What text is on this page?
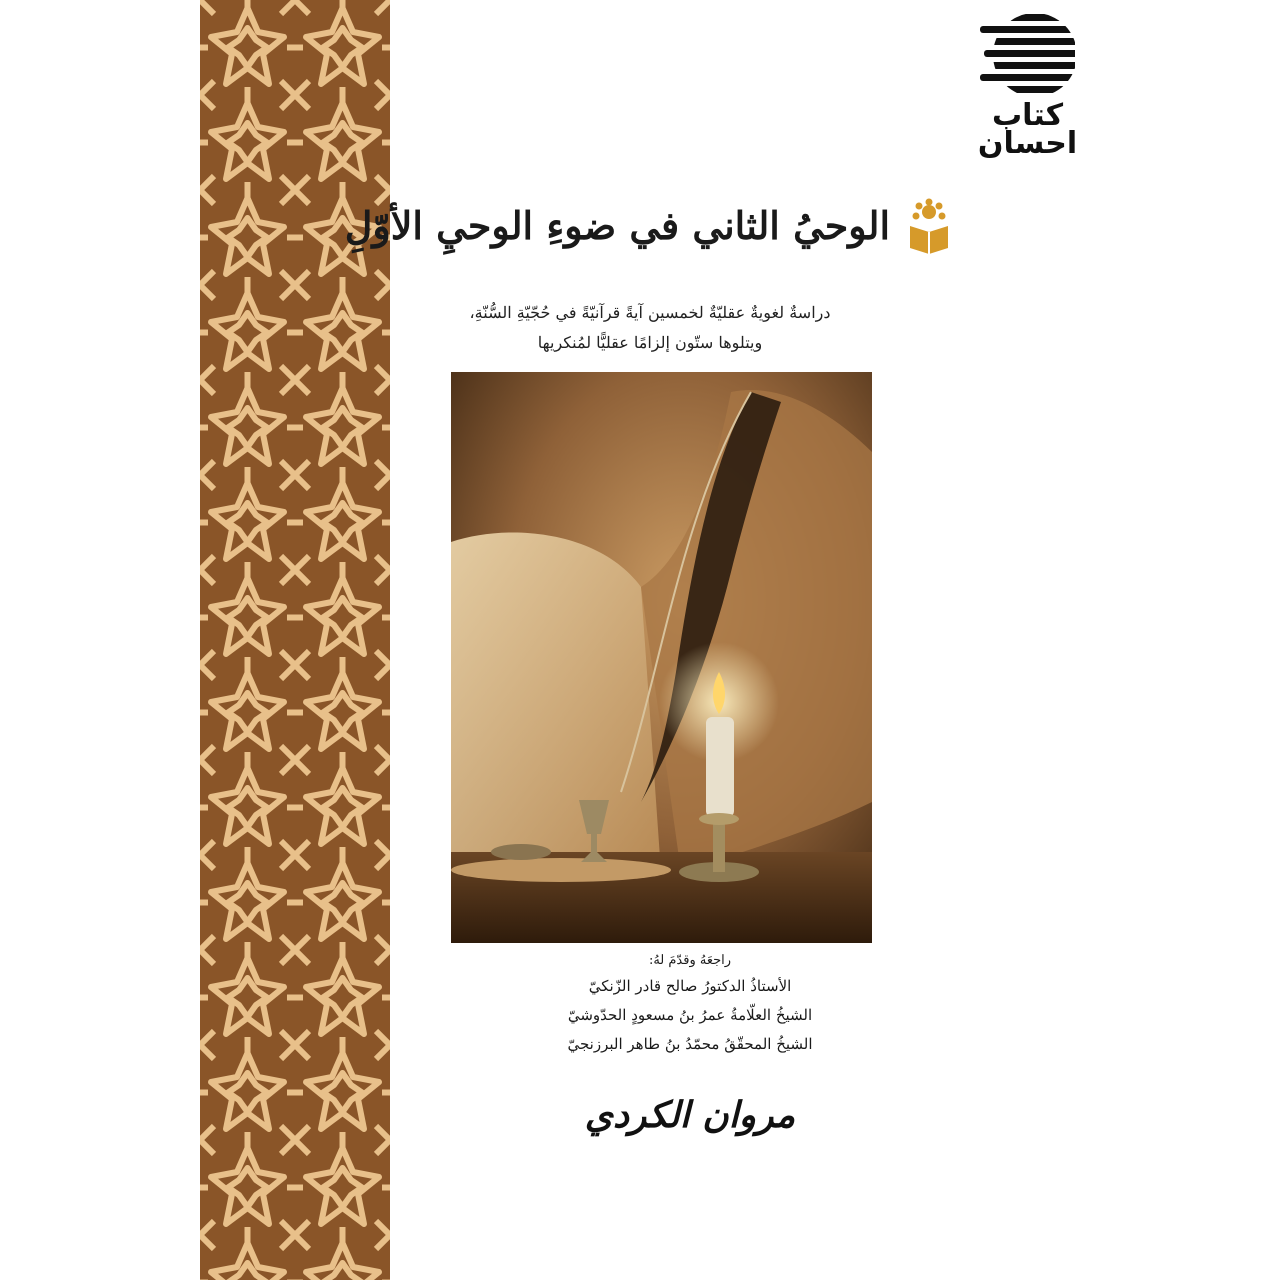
کتاب
احسان
الوحيُ الثاني في ضوءِ الوحيِ الأوّلِ
دراسةٌ لغويةٌ عقليّةٌ لخمسين آيةً قرآنيّةً في حُجّيّةِ السُّنّةِ،
ويتلوها ستّون إلزامًا عقليًّا لمُنكريها
راجعَهُ وقدّمَ لهُ:
الأستاذُ الدكتورُ صالح قادر الزّنكيّ
الشيخُ العلّامةُ عمرُ بنُ مسعودٍ الحدّوشيّ
الشيخُ المحقّقُ محمّدُ بنُ طاهر البرزنجيّ
مروان الكردي
